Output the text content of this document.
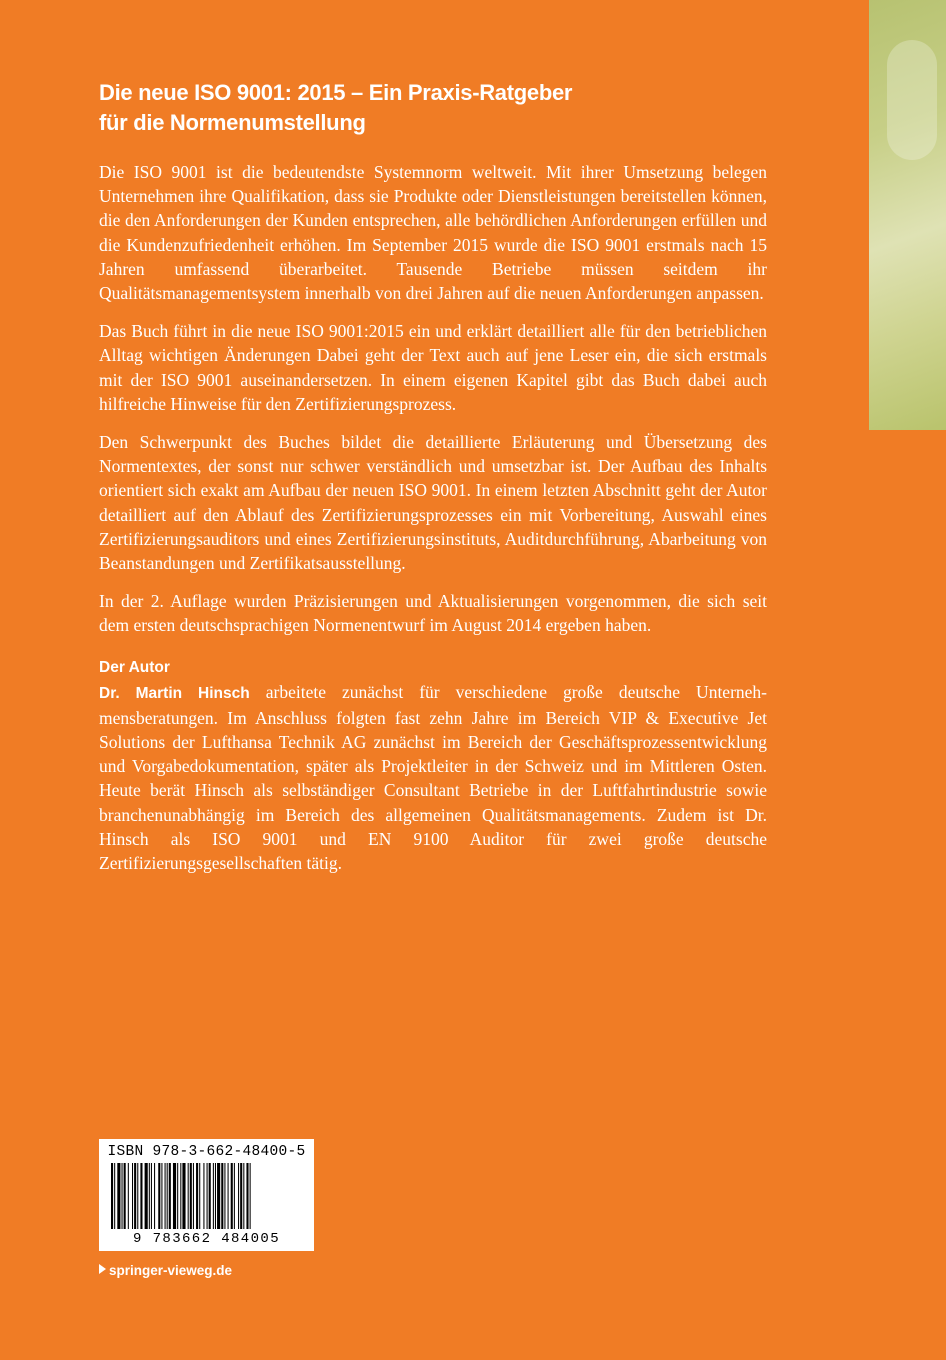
Die neue ISO 9001: 2015 – Ein Praxis-Ratgeber
für die Normenumstellung

Die ISO 9001 ist die bedeutendste Systemnorm weltweit. Mit ihrer Umsetzung belegen Unternehmen ihre Qualifikation, dass sie Produkte oder Dienstleistungen bereitstellen können, die den Anforderungen der Kunden entsprechen, alle behördlichen Anforderungen erfüllen und die Kundenzufriedenheit erhöhen. Im September 2015 wurde die ISO 9001 erstmals nach 15 Jahren umfassend überarbeitet. Tausende Betriebe müssen seitdem ihr Qualitätsmanagementsystem innerhalb von drei Jahren auf die neuen Anforderungen anpassen.

Das Buch führt in die neue ISO 9001:2015 ein und erklärt detailliert alle für den betrieblichen Alltag wichtigen Änderungen Dabei geht der Text auch auf jene Leser ein, die sich erstmals mit der ISO 9001 auseinandersetzen. In einem eigenen Kapitel gibt das Buch dabei auch hilfreiche Hinweise für den Zertifizierungsprozess.

Den Schwerpunkt des Buches bildet die detaillierte Erläuterung und Übersetzung des Normentextes, der sonst nur schwer verständlich und umsetzbar ist. Der Aufbau des Inhalts orientiert sich exakt am Aufbau der neuen ISO 9001. In einem letzten Abschnitt geht der Autor detailliert auf den Ablauf des Zertifizierungsprozesses ein mit Vorbereitung, Auswahl eines Zertifizierungsauditors und eines Zertifizierungsinstituts, Auditdurchführung, Abarbeitung von Beanstandungen und Zertifikatsausstellung.

In der 2. Auflage wurden Präzisierungen und Aktualisierungen vorgenommen, die sich seit dem ersten deutschsprachigen Normenentwurf im August 2014 ergeben haben.

Der Autor

Dr. Martin Hinsch arbeitete zunächst für verschiedene große deutsche Unternehmensberatungen. Im Anschluss folgten fast zehn Jahre im Bereich VIP & Executive Jet Solutions der Lufthansa Technik AG zunächst im Bereich der Geschäftsprozessentwicklung und Vorgabedokumentation, später als Projektleiter in der Schweiz und im Mittleren Osten. Heute berät Hinsch als selbständiger Consultant Betriebe in der Luftfahrtindustrie sowie branchenunabhängig im Bereich des allgemeinen Qualitätsmanagements. Zudem ist Dr. Hinsch als ISO 9001 und EN 9100 Auditor für zwei große deutsche Zertifizierungsgesellschaften tätig.

ISBN 978-3-662-48400-5
9 783662 484005
springer-vieweg.de
